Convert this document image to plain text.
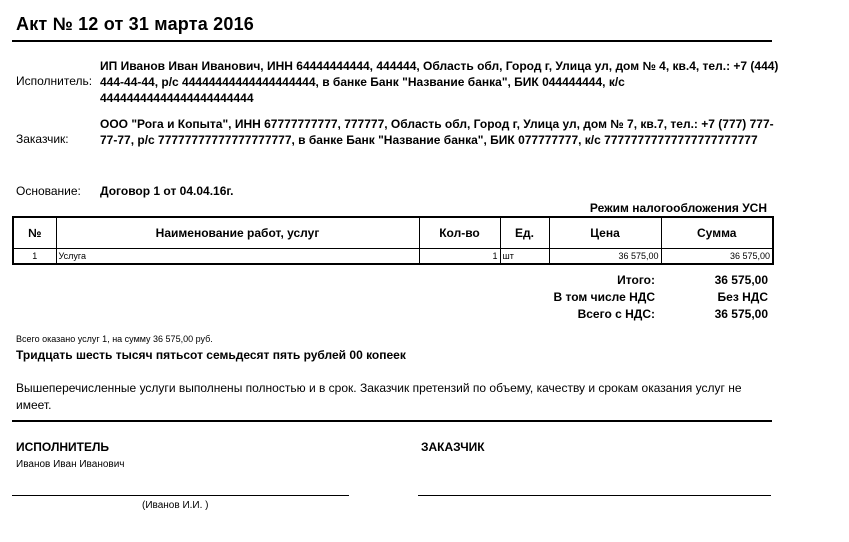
Акт № 12 от 31 марта 2016
Исполнитель:
ИП Иванов Иван Иванович, ИНН 64444444444, 444444, Область обл, Город г, Улица ул, дом № 4, кв.4, тел.: +7 (444) 444-44-44, р/с 44444444444444444444, в банке Банк "Название банка", БИК 044444444, к/с 44444444444444444444444
Заказчик:
ООО "Рога и Копыта", ИНН 67777777777, 777777, Область обл, Город г, Улица ул, дом № 7, кв.7, тел.: +7 (777) 777-77-77, р/с 77777777777777777777, в банке Банк "Название банка", БИК 077777777, к/с 77777777777777777777777
Основание: Договор 1 от 04.04.16г.
Режим налогообложения УСН
№	Наименование работ, услуг	Кол-во	Ед.	Цена	Сумма
1	Услуга	1	шт	36 575,00	36 575,00
Итого:	36 575,00
В том числе НДС	Без НДС
Всего с НДС:	36 575,00
Всего оказано услуг 1, на сумму 36 575,00 руб.
Тридцать шесть тысяч пятьсот семьдесят пять рублей 00 копеек
Вышеперечисленные услуги выполнены полностью и в срок. Заказчик претензий по объему, качеству и срокам оказания услуг не имеет.
ИСПОЛНИТЕЛЬ
Иванов Иван Иванович
(Иванов И.И. )
ЗАКАЗЧИК
